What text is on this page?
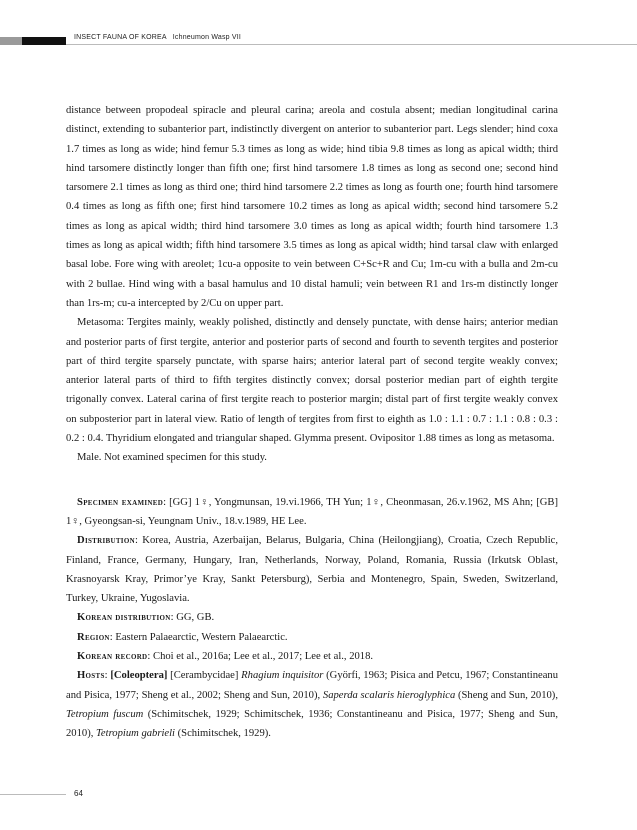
INSECT FAUNA OF KOREA Ichneumon Wasp VII

distance between propodeal spiracle and pleural carina; areola and costula absent; median longitudinal carina distinct, extending to subanterior part, indistinctly divergent on anterior to subanterior part. Legs slender; hind coxa 1.7 times as long as wide; hind femur 5.3 times as long as wide; hind tibia 9.8 times as long as apical width; third hind tarsomere distinctly longer than fifth one; first hind tarsomere 1.8 times as long as second one; second hind tarsomere 2.1 times as long as third one; third hind tarsomere 2.2 times as long as fourth one; fourth hind tarsomere 0.4 times as long as fifth one; first hind tarsomere 10.2 times as long as apical width; second hind tarsomere 5.2 times as long as apical width; third hind tarsomere 3.0 times as long as apical width; fourth hind tarsomere 1.3 times as long as apical width; fifth hind tarsomere 3.5 times as long as apical width; hind tarsal claw with enlarged basal lobe. Fore wing with areolet; 1cu-a opposite to vein between C+Sc+R and Cu; 1m-cu with a bulla and 2m-cu with 2 bullae. Hind wing with a basal hamulus and 10 distal hamuli; vein between R1 and 1rs-m distinctly longer than 1rs-m; cu-a intercepted by 2/Cu on upper part.

Metasoma: Tergites mainly, weakly polished, distinctly and densely punctate, with dense hairs; anterior median and posterior parts of first tergite, anterior and posterior parts of second and fourth to seventh tergites and posterior part of third tergite sparsely punctate, with sparse hairs; anterior lateral part of second tergite weakly convex; anterior lateral parts of third to fifth tergites distinctly convex; dorsal posterior median part of eighth tergite trigonally convex. Lateral carina of first tergite reach to posterior margin; distal part of first tergite weakly convex on subposterior part in lateral view. Ratio of length of tergites from first to eighth as 1.0 : 1.1 : 0.7 : 1.1 : 0.8 : 0.3 : 0.2 : 0.4. Thyridium elongated and triangular shaped. Glymma present. Ovipositor 1.88 times as long as metasoma.

Male. Not examined specimen for this study.

Specimen examined: [GG] 1♀, Yongmunsan, 19.vi.1966, TH Yun; 1♀, Cheonmasan, 26.v.1962, MS Ahn; [GB] 1♀, Gyeongsan-si, Yeungnam Univ., 18.v.1989, HE Lee.

Distribution: Korea, Austria, Azerbaijan, Belarus, Bulgaria, China (Heilongjiang), Croatia, Czech Republic, Finland, France, Germany, Hungary, Iran, Netherlands, Norway, Poland, Romania, Russia (Irkutsk Oblast, Krasnoyarsk Kray, Primor’ye Kray, Sankt Petersburg), Serbia and Montenegro, Spain, Sweden, Switzerland, Turkey, Ukraine, Yugoslavia.

Korean distribution: GG, GB.

Region: Eastern Palaearctic, Western Palaearctic.

Korean record: Choi et al., 2016a; Lee et al., 2017; Lee et al., 2018.

Hosts: [Coleoptera] [Cerambycidae] Rhagium inquisitor (Györfi, 1963; Pisica and Petcu, 1967; Constantineanu and Pisica, 1977; Sheng et al., 2002; Sheng and Sun, 2010), Saperda scalaris hieroglyphica (Sheng and Sun, 2010), Tetropium fuscum (Schimitschek, 1929; Schimitschek, 1936; Constantineanu and Pisica, 1977; Sheng and Sun, 2010), Tetropium gabrieli (Schimitschek, 1929).

64
